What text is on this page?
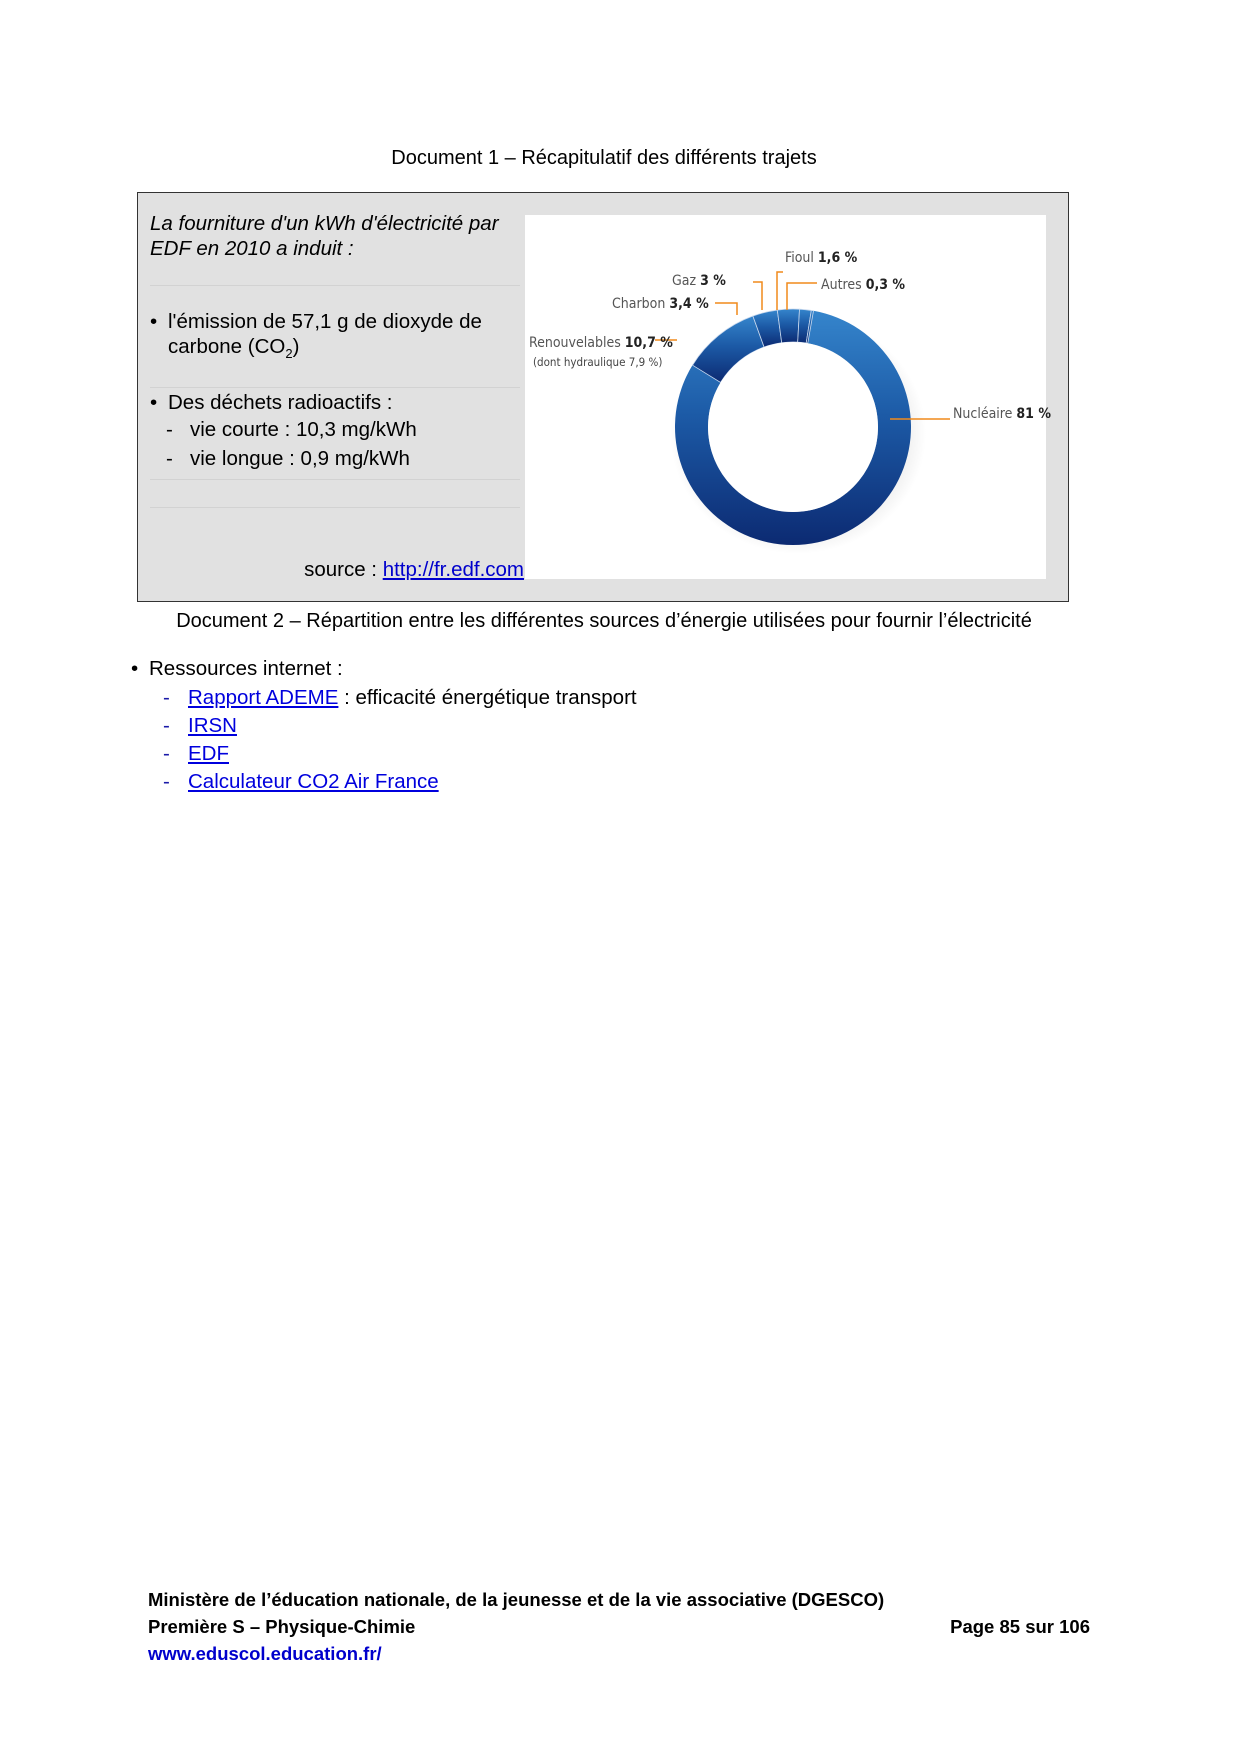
Document 1 – Récapitulatif des différents trajets
La fourniture d'un kWh d'électricité par EDF en 2010 a induit :
• l'émission de 57,1 g de dioxyde de
carbone $(CO_2)$
• Des déchets radioactifs :
- vie courte : 10,3 mg/kWh
- vie longue : 0,9 mg/kWh
source : http://fr.edf.com
Fioul 1,6 %
Gaz 3 %	Autres 0,3 %
Charbon 3,4 %
Renouvelables 10,7 %
(dont hydraulique 7,9 %)
Nucléaire 81 %
Document 2 – Répartition entre les différentes sources d’énergie utilisées pour fournir l’électricité
• Ressources internet :
- Rapport ADEME : efficacité énergétique transport
- IRSN
- EDF
- Calculateur CO2 Air France
Ministère de l’éducation nationale, de la jeunesse et de la vie associative (DGESCO)
Première S – Physique-Chimie	Page 85 sur 106
www.eduscol.education.fr/
